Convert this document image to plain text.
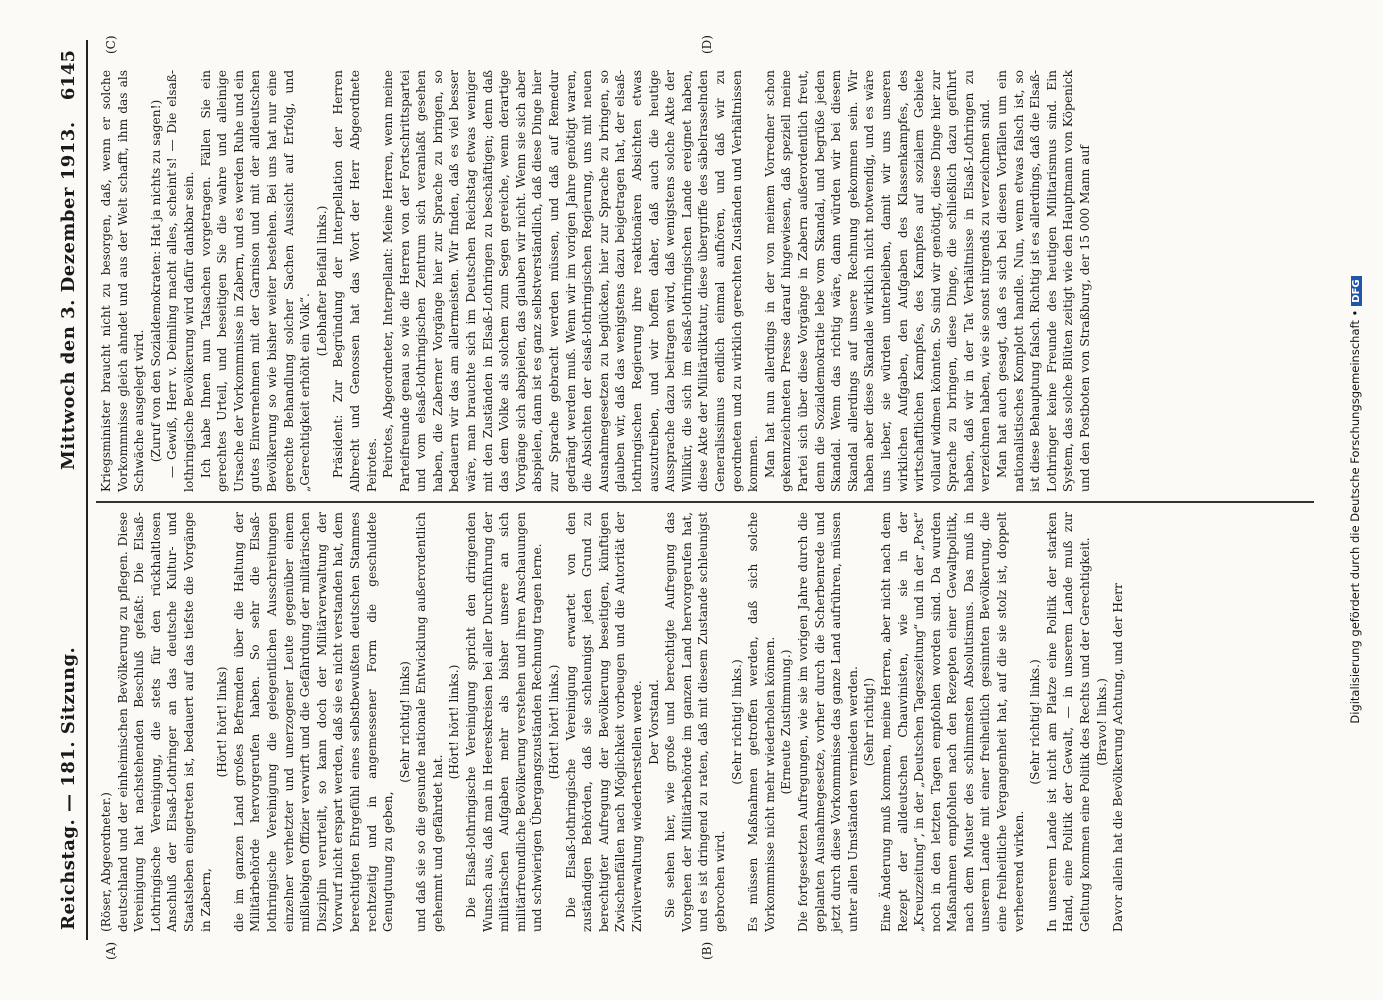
Reichstag. — 181. Sitzung.
Mittwoch den 3. Dezember 1913.
6145
(A)	(B)
(C)	(D)

(Röser, Abgeordneter.) deutschland und der einheimischen Bevölkerung zu pflegen. Diese Vereinigung hat nachstehenden Beschluß gefaßt: Die Elsaß-Lothringische Vereinigung, die stets für den rückhaltlosen Anschluß der Elsaß-Lothringer an das deutsche Kultur- und Staatsleben eingetreten ist, bedauert auf das tiefste die Vorgänge in Zabern,

(Hört! hört! links) die im ganzen Land großes Befremden über die Haltung der Militärbehörde hervorgerufen haben. So sehr die Elsaß-lothringische Vereinigung die gelegentlichen Ausschreitungen einzelner verhetzter und unerzogener Leute gegenüber einem mißliebigen Offizier verwirft und die Gefährdung der militärischen Disziplin verurteilt, so kann doch der Militärverwaltung der Vorwurf nicht erspart werden, daß sie es nicht verstanden hat, dem berechtigten Ehrgefühl eines selbstbewußten deutschen Stammes rechtzeitig und in angemessener Form die geschuldete Genugtuung zu geben,

(Sehr richtig! links) und daß sie so die gesunde nationale Entwicklung außerordentlich gehemmt und gefährdet hat.

(Hört! hört! links.) Die Elsaß-lothringische Vereinigung spricht den dringenden Wunsch aus, daß man in Heereskreisen bei aller Durchführung der militärischen Aufgaben mehr als bisher unsere an sich militärfreundliche Bevölkerung verstehen und ihren Anschauungen und schwierigen Übergangszuständen Rechnung tragen lerne. (Hört! hört! links.) Die Elsaß-lothringische Vereinigung erwartet von den zuständigen Behörden, daß sie schleunigst jeden Grund zu berechtigter Aufregung der Bevölkerung beseitigen, künftigen Zwischenfällen nach Möglichkeit vorbeugen und die Autorität der Zivilverwaltung wiederherstellen werde. Der Vorstand. Sie sehen hier, wie große und berechtigte Aufregung das Vorgehen der Militärbehörde im ganzen Land hervorgerufen hat, und es ist dringend zu raten, daß mit diesem Zustande schleunigst gebrochen wird.

(Sehr richtig! links.) Es müssen Maßnahmen getroffen werden, daß sich solche Vorkommnisse nicht mehr wiederholen können. (Erneute Zustimmung.) Die fortgesetzten Aufregungen, wie sie im vorigen Jahre durch die geplanten Ausnahmegesetze, vorher durch die Scherbenrede und jetzt durch diese Vorkommnisse das ganze Land aufrühren, müssen unter allen Umständen vermieden werden. (Sehr richtig!) Eine Änderung muß kommen, meine Herren, aber nicht nach dem Rezept der alldeutschen Chauvinisten, wie sie in der „Kreuzzeitung“, in der „Deutschen Tageszeitung“ und in der „Post“ noch in den letzten Tagen empfohlen worden sind. Da wurden Maßnahmen empfohlen nach den Rezepten einer Gewaltpolitik, nach dem Muster des schlimmsten Absolutismus. Das muß in unserem Lande mit einer freiheitlich gesinnten Bevölkerung, die eine freiheitliche Vergangenheit hat, auf die sie stolz ist, doppelt verheerend wirken.

(Sehr richtig! links.) In unserem Lande ist nicht am Platze eine Politik der starken Hand, eine Politik der Gewalt, — in unserem Lande muß zur Geltung kommen eine Politik des Rechts und der Gerechtigkeit. (Bravo! links.) Davor allein hat die Bevölkerung Achtung, und der Herr

Kriegsminister braucht nicht zu besorgen, daß, wenn er solche Vorkommnisse gleich ahndet und aus der Welt schafft, ihm das als Schwäche ausgelegt wird. (Zuruf von den Sozialdemokraten: Hat ja nichts zu sagen!) — Gewiß, Herr v. Deimling macht alles, scheint's! — Die elsaß-lothringische Bevölkerung wird dafür dankbar sein. Ich habe Ihnen nun Tatsachen vorgetragen. Fällen Sie ein gerechtes Urteil, und beseitigen Sie die wahre und alleinige Ursache der Vorkommnisse in Zabern, und es werden Ruhe und ein gutes Einvernehmen mit der Garnison und mit der alldeutschen Bevölkerung so wie bisher weiter bestehen. Bei uns hat nur eine gerechte Behandlung solcher Sachen Aussicht auf Erfolg, und „Gerechtigkeit erhöht ein Volk“.

(Lebhafter Beifall links.) Präsident: Zur Begründung der Interpellation der Herren Albrecht und Genossen hat das Wort der Herr Abgeordnete Peirotes. Peirotes, Abgeordneter, Interpellant: Meine Herren, wenn meine Parteifreunde genau so wie die Herren von der Fortschrittspartei und vom elsaß-lothringischen Zentrum sich veranlaßt gesehen haben, die Zaberner Vorgänge hier zur Sprache zu bringen, so bedauern wir das am allermeisten. Wir finden, daß es viel besser wäre, man brauchte sich im Deutschen Reichstag etwas weniger mit den Zuständen in Elsaß-Lothringen zu beschäftigen; denn daß das dem Volke als solchem zum Segen gereiche, wenn derartige Vorgänge sich abspielen, das glauben wir nicht. Wenn sie sich aber abspielen, dann ist es ganz selbstverständlich, daß diese Dinge hier zur Sprache gebracht werden müssen, und daß auf Remedur gedrängt werden muß. Wenn wir im vorigen Jahre genötigt waren, die Absichten der elsaß-lothringischen Regierung, uns mit neuen Ausnahmegesetzen zu beglücken, hier zur Sprache zu bringen, so glauben wir, daß das wenigstens dazu beigetragen hat, der elsaß-lothringischen Regierung ihre reaktionären Absichten etwas auszutreiben, und wir hoffen daher, daß auch die heutige Aussprache dazu beitragen wird, daß wenigstens solche Akte der Willkür, die sich im elsaß-lothringischen Lande ereignet haben, diese Akte der Militärdiktatur, diese übergriffe des säbelrasselnden Generalissimus endlich einmal aufhören, und daß wir zu geordneten und zu wirklich gerechten Zuständen und Verhältnissen kommen. Man hat nun allerdings in der von meinem Vorredner schon gekennzeichneten Presse darauf hingewiesen, daß speziell meine Partei sich über diese Vorgänge in Zabern außerordentlich freut, denn die Sozialdemokratie lebe vom Skandal, und begrüße jeden Skandal. Wenn das richtig wäre, dann würden wir bei diesem Skandal allerdings auf unsere Rechnung gekommen sein. Wir haben aber diese Skandale wirklich nicht notwendig, und es wäre uns lieber, sie würden unterbleiben, damit wir uns unseren wirklichen Aufgaben, den Aufgaben des Klassenkampfes, des wirtschaftlichen Kampfes, des Kampfes auf sozialem Gebiete vollauf widmen könnten. So sind wir genötigt, diese Dinge hier zur Sprache zu bringen, diese Dinge, die schließlich dazu geführt haben, daß wir in der Tat Verhältnisse in Elsaß-Lothringen zu verzeichnen haben, wie sie sonst nirgends zu verzeichnen sind. Man hat auch gesagt, daß es sich bei diesen Vorfällen um ein nationalistisches Komplott handle. Nun, wenn etwas falsch ist, so ist diese Behauptung falsch. Richtig ist es allerdings, daß die Elsaß-Lothringer keine Freunde des heutigen Militarismus sind. Ein System, das solche Blüten zeitigt wie den Hauptmann von Köpenick und den Postboten von Straßburg, der 15 000 Mann auf	Digitalisierung gefördert durch die Deutsche Forschungsgemeinschaft •DFG
